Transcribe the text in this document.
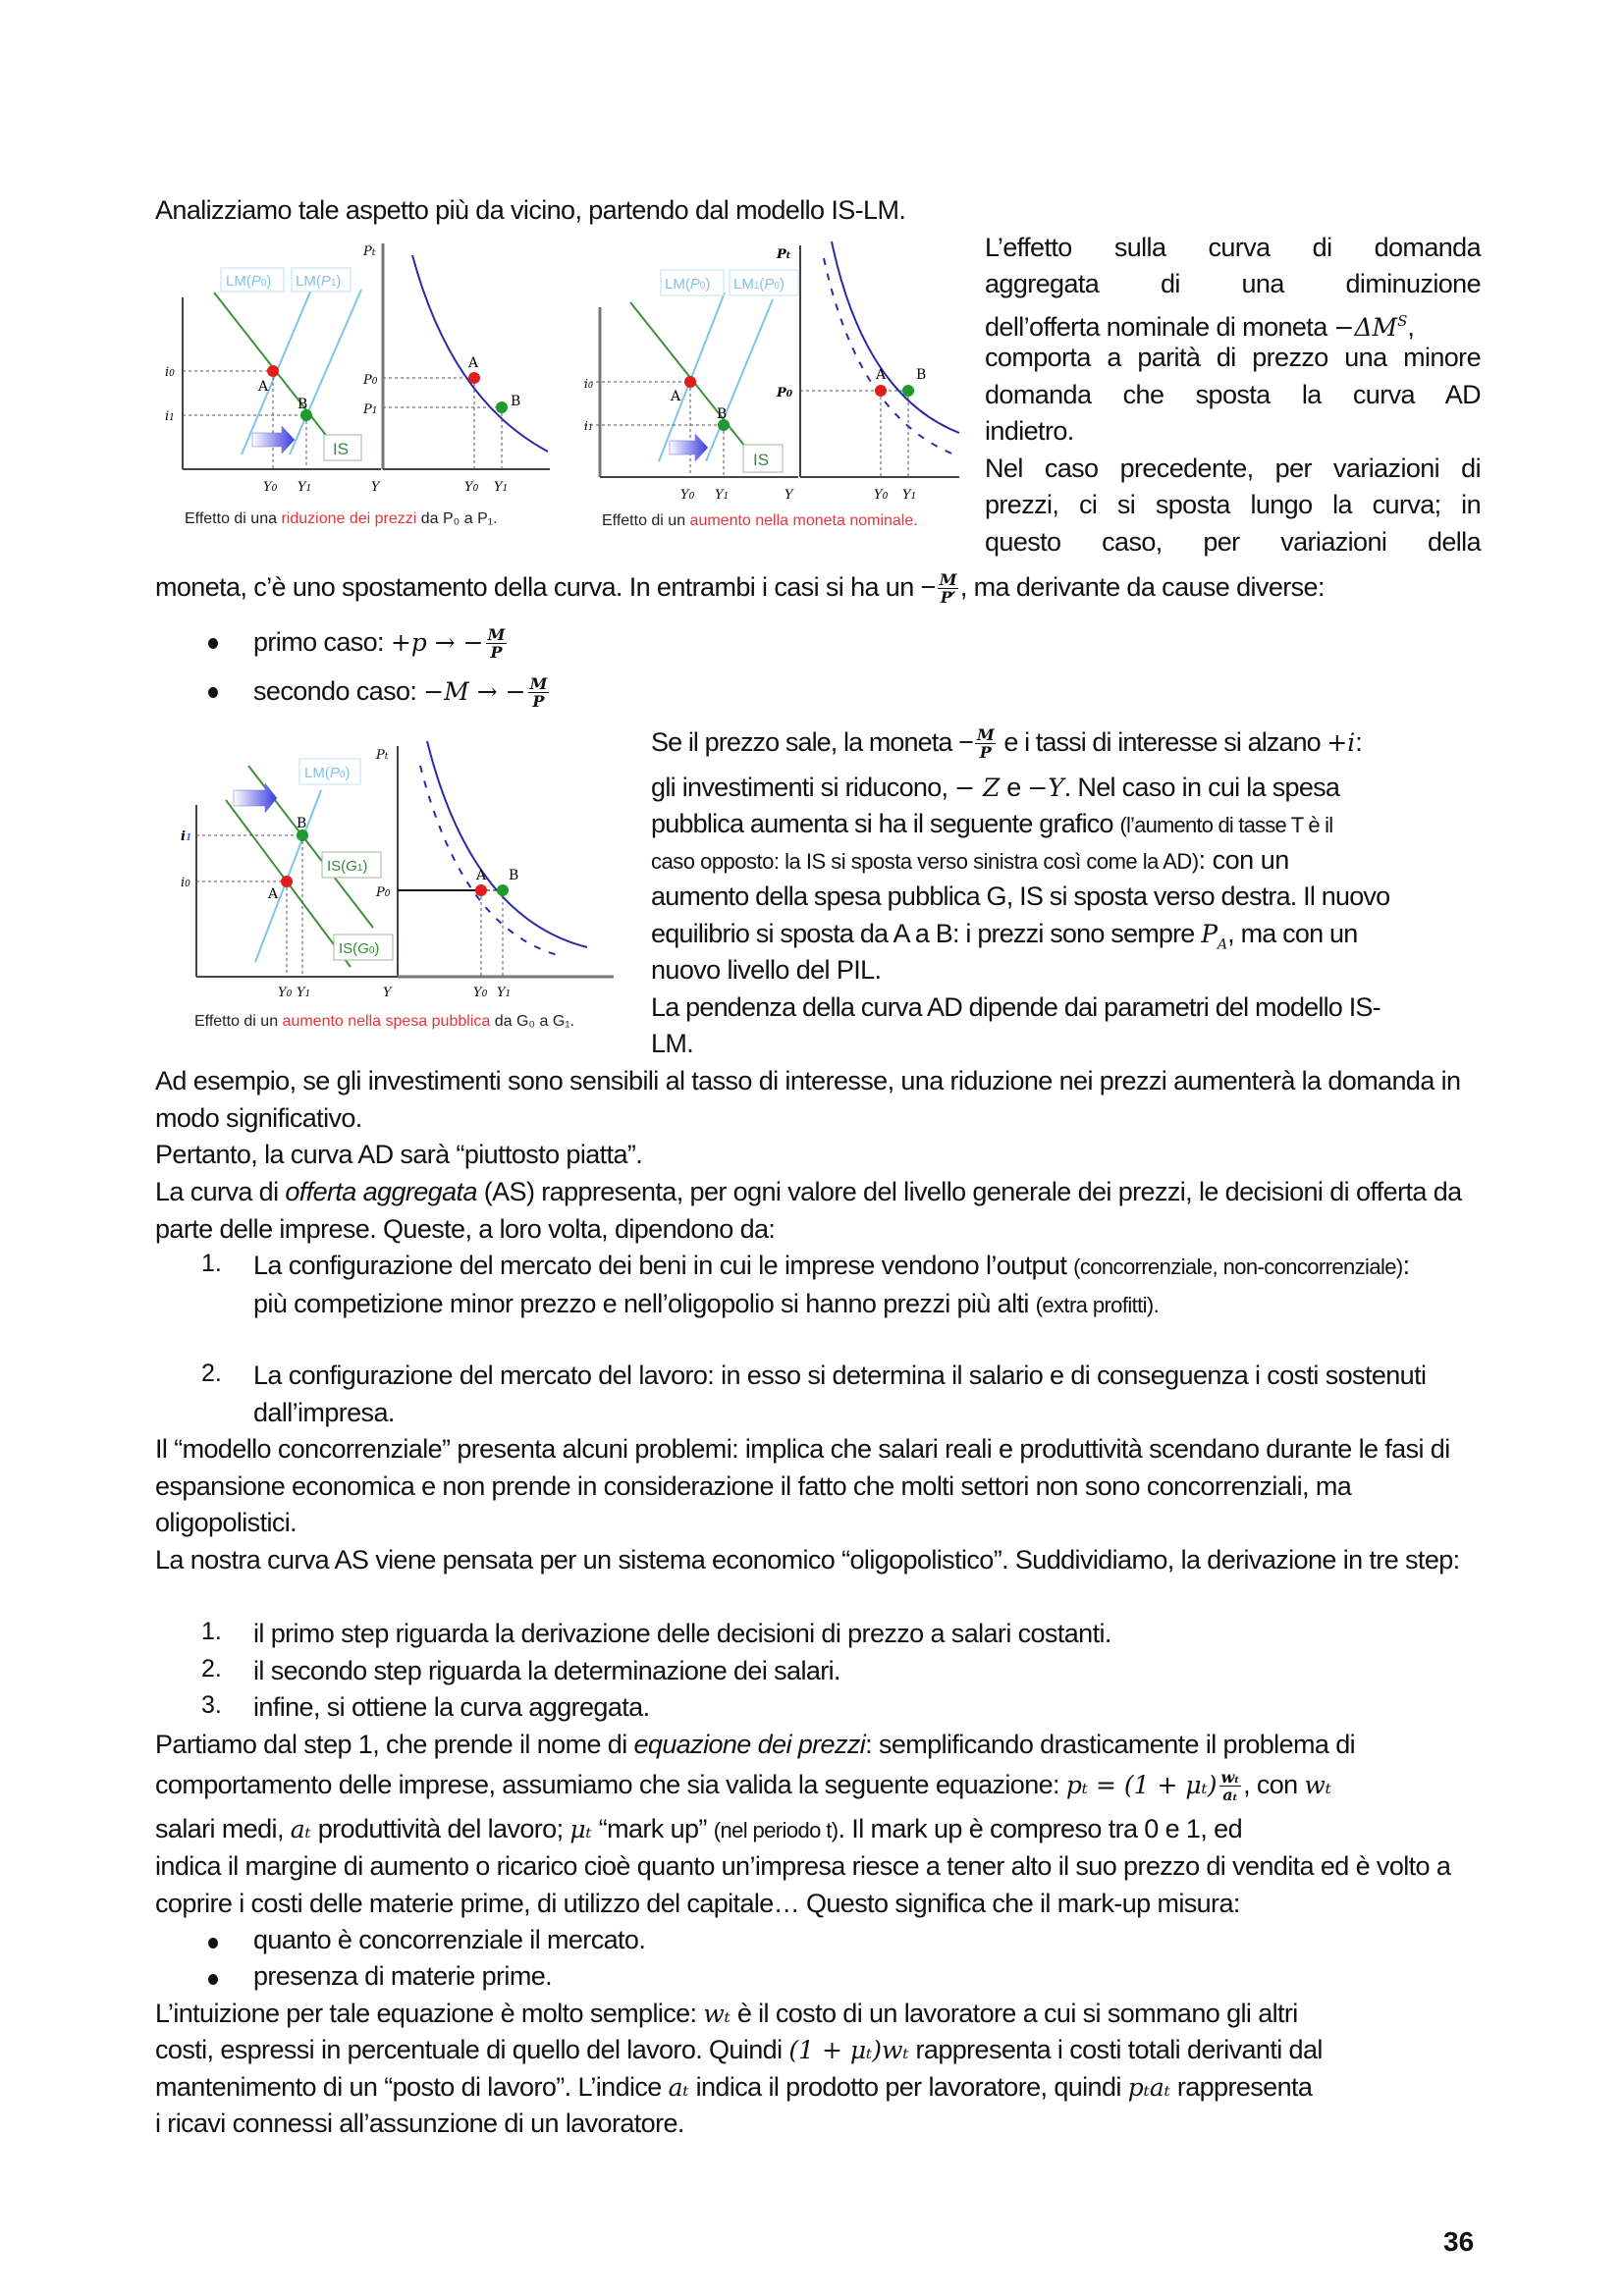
Analizziamo tale aspetto più da vicino, partendo dal modello IS-LM.
IS
LM(P0) LM(P1)
i0
i1
A
B
Y0 Y1	Y
Pt
A
B
P0
P1
Y0 Y1
Effetto di una riduzione dei prezzi da P₀ a P₁.
IS
LM(P0) LM1(P0)
i0
i1
A
B
Y0 Y1	Y
Pt
A B
P0
Y0 Y1
Effetto di un aumento nella moneta nominale.
L’effetto sulla curva di domanda
aggregata di una diminuzione
dell’offerta nominale di moneta $-\Delta M^S$,
comporta a parità di prezzo una minore
domanda che sposta la curva AD
indietro.
Nel caso precedente, per variazioni di
prezzi, ci si sposta lungo la curva; in
questo caso, per variazioni della
moneta, c’è uno spostamento della curva. In entrambi i casi si ha un − $\frac{M}{P'}$ , ma derivante da cause diverse:
primo caso: +p → − $\frac{M}{P}$
secondo caso: −M → − $\frac{M}{P}$
LM(P0)
IS(G1)
IS(G0)
i1
i0
A
B
Y0 Y1	Y
Pt
A B
P0
Y0 Y1
Effetto di un aumento nella spesa pubblica da G₀ a G₁.
Se il prezzo sale, la moneta − $\frac{M}{P}$ e i tassi di interesse si alzano +i:
gli investimenti si riducono, − Z e −Y. Nel caso in cui la spesa
pubblica aumenta si ha il seguente grafico (l’aumento di tasse T è il
caso opposto: la IS si sposta verso sinistra così come la AD): con un
aumento della spesa pubblica G, IS si sposta verso destra. Il nuovo
equilibrio si sposta da A a B: i prezzi sono sempre $P_A$, ma con un
nuovo livello del PIL.
La pendenza della curva AD dipende dai parametri del modello IS-
LM.
Ad esempio, se gli investimenti sono sensibili al tasso di interesse, una riduzione nei prezzi aumenterà la domanda in modo significativo.
Pertanto, la curva AD sarà “piuttosto piatta”.
La curva di offerta aggregata (AS) rappresenta, per ogni valore del livello generale dei prezzi, le decisioni di offerta da parte delle imprese. Queste, a loro volta, dipendono da:
1. La configurazione del mercato dei beni in cui le imprese vendono l’output (concorrenziale, non-concorrenziale): più competizione minor prezzo e nell’oligopolio si hanno prezzi più alti (extra profitti).
2. La configurazione del mercato del lavoro: in esso si determina il salario e di conseguenza i costi sostenuti dall’impresa.
Il “modello concorrenziale” presenta alcuni problemi: implica che salari reali e produttività scendano durante le fasi di espansione economica e non prende in considerazione il fatto che molti settori non sono concorrenziali, ma oligopolistici.
La nostra curva AS viene pensata per un sistema economico “oligopolistico”. Suddividiamo, la derivazione in tre step:
1. il primo step riguarda la derivazione delle decisioni di prezzo a salari costanti.
2. il secondo step riguarda la determinazione dei salari.
3. infine, si ottiene la curva aggregata.
Partiamo dal step 1, che prende il nome di equazione dei prezzi: semplificando drasticamente il problema di
comportamento delle imprese, assumiamo che sia valida la seguente equazione: $p_t = (1 + \mu_t) \frac{\text{wₜ}}{\text{aₜ}}$ , con wₜ
salari medi, aₜ produttività del lavoro; μₜ “mark up” (nel periodo t). Il mark up è compreso tra 0 e 1, ed
indica il margine di aumento o ricarico cioè quanto un’impresa riesce a tener alto il suo prezzo di vendita ed è volto a coprire i costi delle materie prime, di utilizzo del capitale… Questo significa che il mark-up misura:
quanto è concorrenziale il mercato.
presenza di materie prime.
L’intuizione per tale equazione è molto semplice: wₜ è il costo di un lavoratore a cui si sommano gli altri
costi, espressi in percentuale di quello del lavoro. Quindi (1 + μₜ)wₜ rappresenta i costi totali derivanti dal
mantenimento di un “posto di lavoro”. L’indice aₜ indica il prodotto per lavoratore, quindi pₜaₜ rappresenta
i ricavi connessi all’assunzione di un lavoratore.
36
